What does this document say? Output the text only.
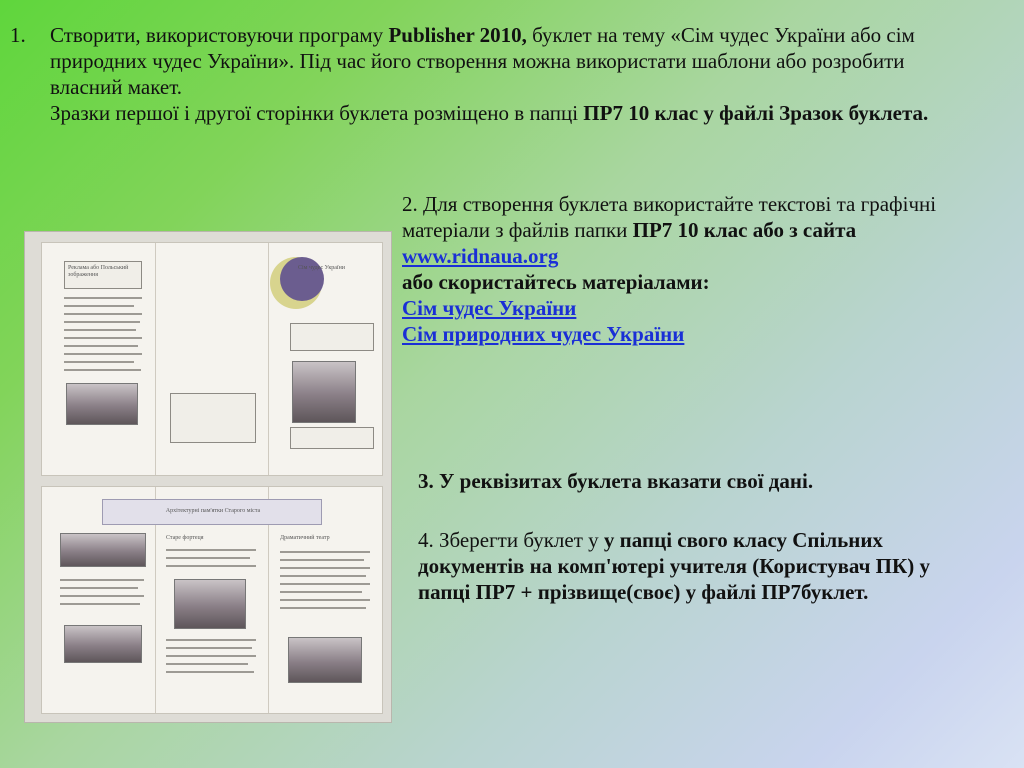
1. Створити, використовуючи програму Publisher 2010, буклет на тему «Сім чудес України або сім природних чудес України». Під час його створення можна використати шаблони або розробити власний макет.
Зразки першої і другої сторінки буклета розміщено в папці ПР7 10 клас у файлі Зразок буклета.
2. Для створення буклета використайте текстові та графічні матеріали з файлів папки ПР7 10 клас або з сайта www.ridnaua.org
або скористайтесь матеріалами:
Сім чудес України
Сім природних чудес України
3. У реквізитах буклета вказати свої дані.
4. Зберегти буклет у у папці свого класу Спільних документів на комп'ютері учителя (Користувач ПК) у папці ПР7 + прізвище(своє) у файлі ПР7буклет.
Реклама або Польський зображення
Сім чудес України
Архітектурні пам'ятки Старого міста
Старе фортеця	Драматичний театр
